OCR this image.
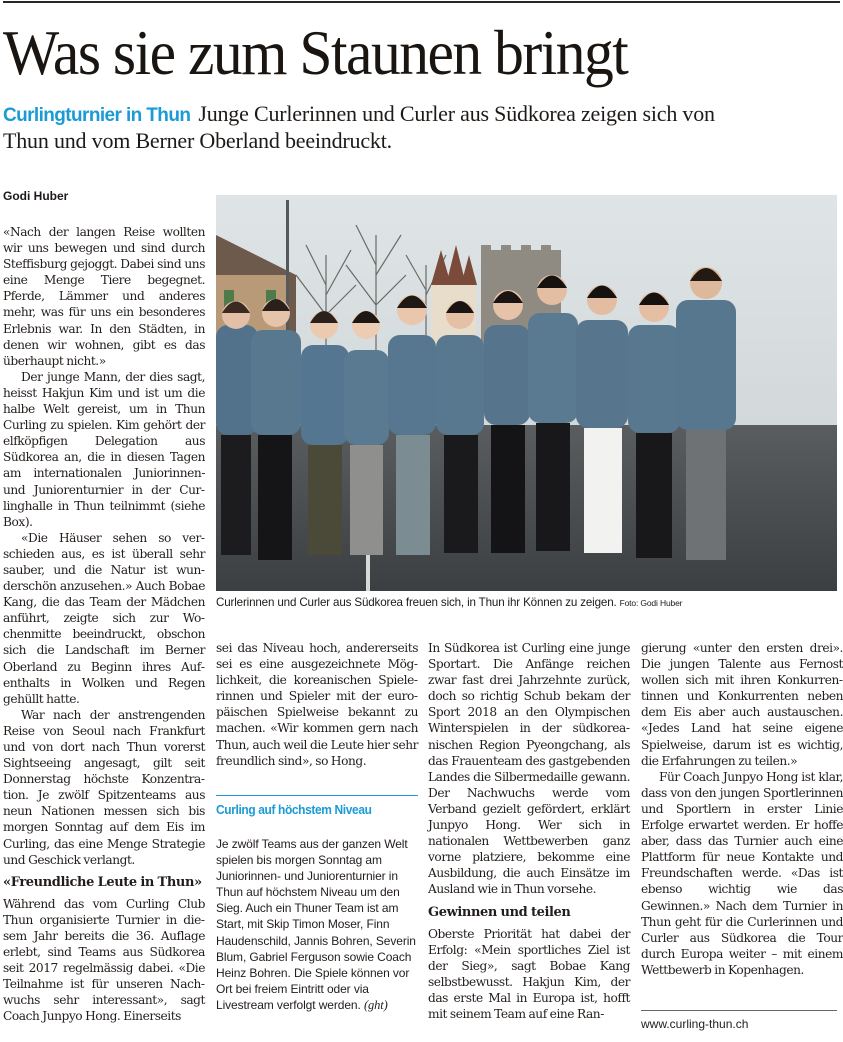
Was sie zum Staunen bringt
Curlingturnier in Thun Junge Curlerinnen und Curler aus Südkorea zeigen sich von Thun und vom Berner Oberland beeindruckt.
Godi Huber

«Nach der langen Reise wollten wir uns bewegen und sind durch Steffisburg gejoggt. Dabei sind uns eine Menge Tiere begegnet. Pferde, Lämmer und anderes mehr, was für uns ein besonderes Erlebnis war. In den Städten, in denen wir wohnen, gibt es das überhaupt nicht.»

Der junge Mann, der dies sagt, heisst Hakjun Kim und ist um die halbe Welt gereist, um in Thun Curling zu spielen. Kim gehört der elfköpfigen Delegation aus Südkorea an, die in diesen Tagen am internationalen Juniorinnen- und Juniorenturnier in der Curlinghalle in Thun teilnimmt (siehe Box).

«Die Häuser sehen so verschieden aus, es ist überall sehr sauber, und die Natur ist wunderschön anzusehen.» Auch Bobae Kang, die das Team der Mädchen anführt, zeigte sich zur Wochenmitte beeindruckt, obschon sich die Landschaft im Berner Oberland zu Beginn ihres Aufenthalts in Wolken und Regen gehüllt hatte.

War nach der anstrengenden Reise von Seoul nach Frankfurt und von dort nach Thun vorerst Sightseeing angesagt, gilt seit Donnerstag höchste Konzentration. Je zwölf Spitzenteams aus neun Nationen messen sich bis morgen Sonntag auf dem Eis im Curling, das eine Menge Strategie und Geschick verlangt.

«Freundliche Leute in Thun»

Während das vom Curling Club Thun organisierte Turnier in diesem Jahr bereits die 36. Auflage erlebt, sind Teams aus Südkorea seit 2017 regelmässig dabei. «Die Teilnahme ist für unseren Nachwuchs sehr interessant», sagt Coach Junpyo Hong. Einerseits

Curlerinnen und Curler aus Südkorea freuen sich, in Thun ihr Können zu zeigen. Foto: Godi Huber

sei das Niveau hoch, andererseits sei es eine ausgezeichnete Möglichkeit, die koreanischen Spielerinnen und Spieler mit der europäischen Spielweise bekannt zu machen. «Wir kommen gern nach Thun, auch weil die Leute hier sehr freundlich sind», so Hong.

Curling auf höchstem Niveau
Je zwölf Teams aus der ganzen Welt spielen bis morgen Sonntag am Juniorinnen- und Juniorenturnier in Thun auf höchstem Niveau um den Sieg. Auch ein Thuner Team ist am Start, mit Skip Timon Moser, Finn Haudenschild, Jannis Bohren, Severin Blum, Gabriel Ferguson sowie Coach Heinz Bohren. Die Spiele können vor Ort bei freiem Eintritt oder via Livestream verfolgt werden. (ght)

In Südkorea ist Curling eine junge Sportart. Die Anfänge reichen zwar fast drei Jahrzehnte zurück, doch so richtig Schub bekam der Sport 2018 an den Olympischen Winterspielen in der südkoreanischen Region Pyeongchang, als das Frauenteam des gastgebenden Landes die Silbermedaille gewann. Der Nachwuchs werde vom Verband gezielt gefördert, erklärt Junpyo Hong. Wer sich in nationalen Wettbewerben ganz vorne platziere, bekomme eine Ausbildung, die auch Einsätze im Ausland wie in Thun vorsehe.

Gewinnen und teilen

Oberste Priorität hat dabei der Erfolg: «Mein sportliches Ziel ist der Sieg», sagt Bobae Kang selbstbewusst. Hakjun Kim, der das erste Mal in Europa ist, hofft mit seinem Team auf eine Ran-

gierung «unter den ersten drei». Die jungen Talente aus Fernost wollen sich mit ihren Konkurrentinnen und Konkurrenten neben dem Eis aber auch austauschen. «Jedes Land hat seine eigene Spielweise, darum ist es wichtig, die Erfahrungen zu teilen.»

Für Coach Junpyo Hong ist klar, dass von den jungen Sportlerinnen und Sportlern in erster Linie Erfolge erwartet werden. Er hoffe aber, dass das Turnier auch eine Plattform für neue Kontakte und Freundschaften werde. «Das ist ebenso wichtig wie das Gewinnen.» Nach dem Turnier in Thun geht für die Curlerinnen und Curler aus Südkorea die Tour durch Europa weiter – mit einem Wettbewerb in Kopenhagen.

www.curling-thun.ch
